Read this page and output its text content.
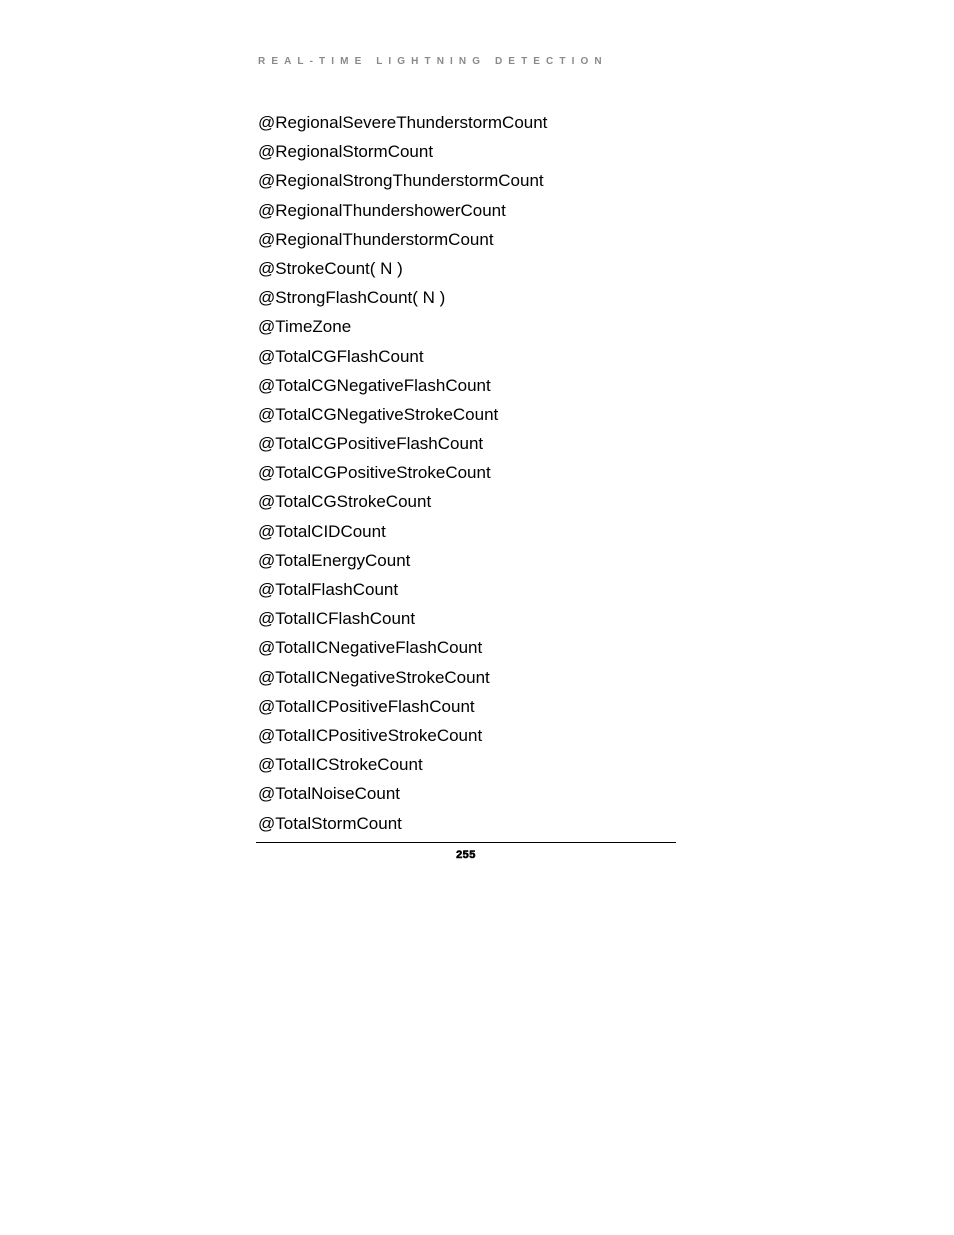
REAL-TIME LIGHTNING DETECTION
@RegionalSevereThunderstormCount
@RegionalStormCount
@RegionalStrongThunderstormCount
@RegionalThundershowerCount
@RegionalThunderstormCount
@StrokeCount( N )
@StrongFlashCount( N )
@TimeZone
@TotalCGFlashCount
@TotalCGNegativeFlashCount
@TotalCGNegativeStrokeCount
@TotalCGPositiveFlashCount
@TotalCGPositiveStrokeCount
@TotalCGStrokeCount
@TotalCIDCount
@TotalEnergyCount
@TotalFlashCount
@TotalICFlashCount
@TotalICNegativeFlashCount
@TotalICNegativeStrokeCount
@TotalICPositiveFlashCount
@TotalICPositiveStrokeCount
@TotalICStrokeCount
@TotalNoiseCount
@TotalStormCount
255
